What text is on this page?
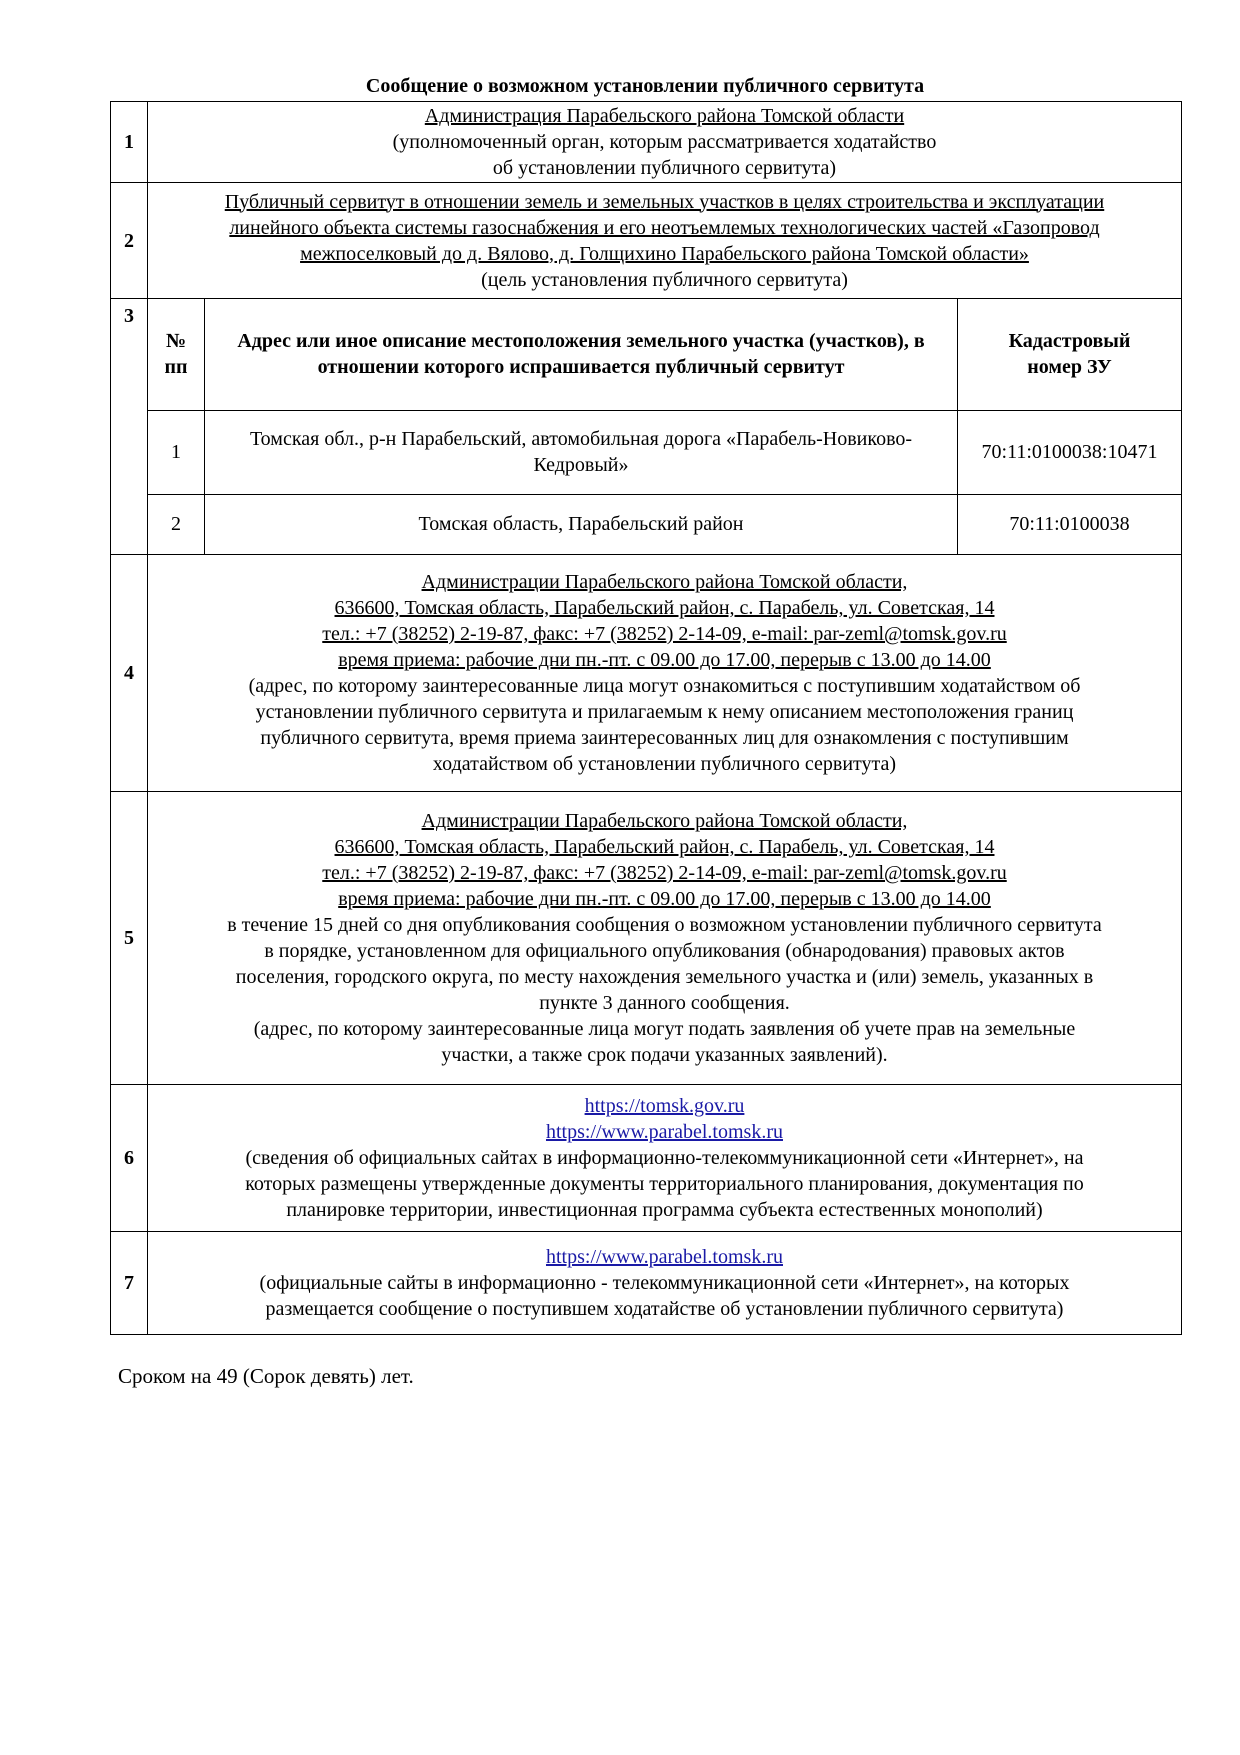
Сообщение о возможном установлении публичного сервитута
1	
Администрация Парабельского района Томской области
(уполномоченный орган, которым рассматривается ходатайство
об установлении публичного сервитута)

2	
Публичный сервитут в отношении земель и земельных участков в целях строительства и эксплуатации
линейного объекта системы газоснабжения и его неотъемлемых технологических частей «Газопровод
межпоселковый до д. Вялово, д. Голщихино Парабельского района Томской области»
(цель установления публичного сервитута)

3	
№ пп	Адрес или иное описание местоположения земельного участка (участков), в отношении которого испрашивается публичный сервитут	Кадастровый номер ЗУ
1	Томская обл., р-н Парабельский, автомобильная дорога «Парабель-Новиково-Кедровый»	70:11:0100038:10471
2	Томская область, Парабельский район	70:11:0100038

4	
Администрации Парабельского района Томской области,
636600, Томская область, Парабельский район, с. Парабель, ул. Советская, 14
тел.: +7 (38252) 2-19-87, факс: +7 (38252) 2-14-09, e-mail: par-zeml@tomsk.gov.ru
время приема: рабочие дни пн.-пт. с 09.00 до 17.00, перерыв с 13.00 до 14.00
(адрес, по которому заинтересованные лица могут ознакомиться с поступившим ходатайством об
установлении публичного сервитута и прилагаемым к нему описанием местоположения границ
публичного сервитута, время приема заинтересованных лиц для ознакомления с поступившим
ходатайством об установлении публичного сервитута)

5	
Администрации Парабельского района Томской области,
636600, Томская область, Парабельский район, с. Парабель, ул. Советская, 14
тел.: +7 (38252) 2-19-87, факс: +7 (38252) 2-14-09, e-mail: par-zeml@tomsk.gov.ru
время приема: рабочие дни пн.-пт. с 09.00 до 17.00, перерыв с 13.00 до 14.00
в течение 15 дней со дня опубликования сообщения о возможном установлении публичного сервитута
в порядке, установленном для официального опубликования (обнародования) правовых актов
поселения, городского округа, по месту нахождения земельного участка и (или) земель, указанных в
пункте 3 данного сообщения.
(адрес, по которому заинтересованные лица могут подать заявления об учете прав на земельные
участки, а также срок подачи указанных заявлений).

6	
https://tomsk.gov.ru
https://www.parabel.tomsk.ru
(сведения об официальных сайтах в информационно-телекоммуникационной сети «Интернет», на
которых размещены утвержденные документы территориального планирования, документация по
планировке территории, инвестиционная программа субъекта естественных монополий)

7	
https://www.parabel.tomsk.ru
(официальные сайты в информационно - телекоммуникационной сети «Интернет», на которых
размещается сообщение о поступившем ходатайстве об установлении публичного сервитута)
Сроком на 49 (Сорок девять) лет.
